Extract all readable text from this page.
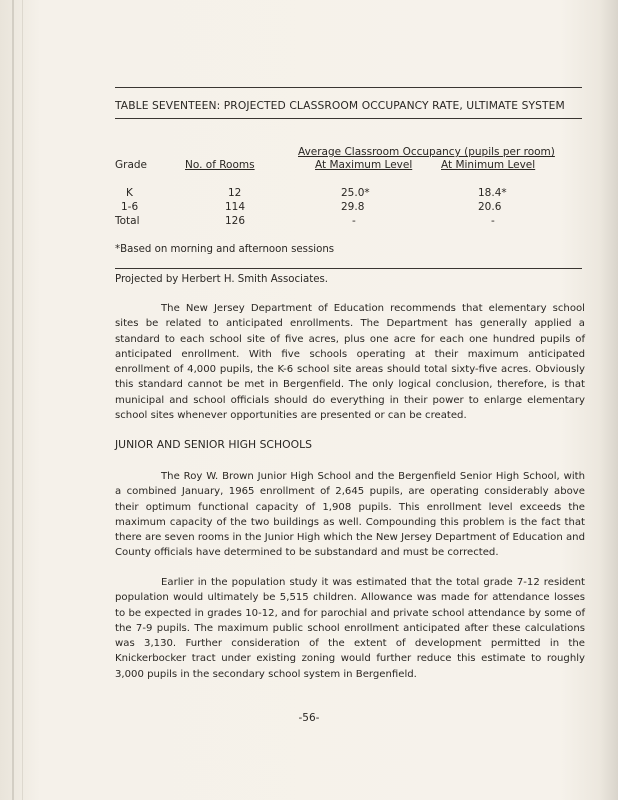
TABLE SEVENTEEN: PROJECTED CLASSROOM OCCUPANCY RATE, ULTIMATE SYSTEM
Average Classroom Occupancy (pupils per room)
Grade	No. of Rooms	At Maximum Level	At Minimum Level
K	12	25.0*	18.4*
1-6	114	29.8	20.6
Total	126	-	-
*Based on morning and afternoon sessions
Projected by Herbert H. Smith Associates.

The New Jersey Department of Education recommends that elementary school sites be related to anticipated enrollments. The Department has generally applied a standard to each school site of five acres, plus one acre for each one hundred pupils of anticipated enrollment. With five schools operating at their maximum anticipated enrollment of 4,000 pupils, the K-6 school site areas should total sixty-five acres. Obviously this standard cannot be met in Bergenfield. The only logical conclusion, therefore, is that municipal and school officials should do everything in their power to enlarge elementary school sites whenever opportunities are presented or can be created.

JUNIOR AND SENIOR HIGH SCHOOLS

The Roy W. Brown Junior High School and the Bergenfield Senior High School, with a combined January, 1965 enrollment of 2,645 pupils, are operating considerably above their optimum functional capacity of 1,908 pupils. This enrollment level exceeds the maximum capacity of the two buildings as well. Compounding this problem is the fact that there are seven rooms in the Junior High which the New Jersey Department of Education and County officials have determined to be substandard and must be corrected.

Earlier in the population study it was estimated that the total grade 7-12 resident population would ultimately be 5,515 children. Allowance was made for attendance losses to be expected in grades 10-12, and for parochial and private school attendance by some of the 7-9 pupils. The maximum public school enrollment anticipated after these calculations was 3,130. Further consideration of the extent of development permitted in the Knickerbocker tract under existing zoning would further reduce this estimate to roughly 3,000 pupils in the secondary school system in Bergenfield.

-56-
